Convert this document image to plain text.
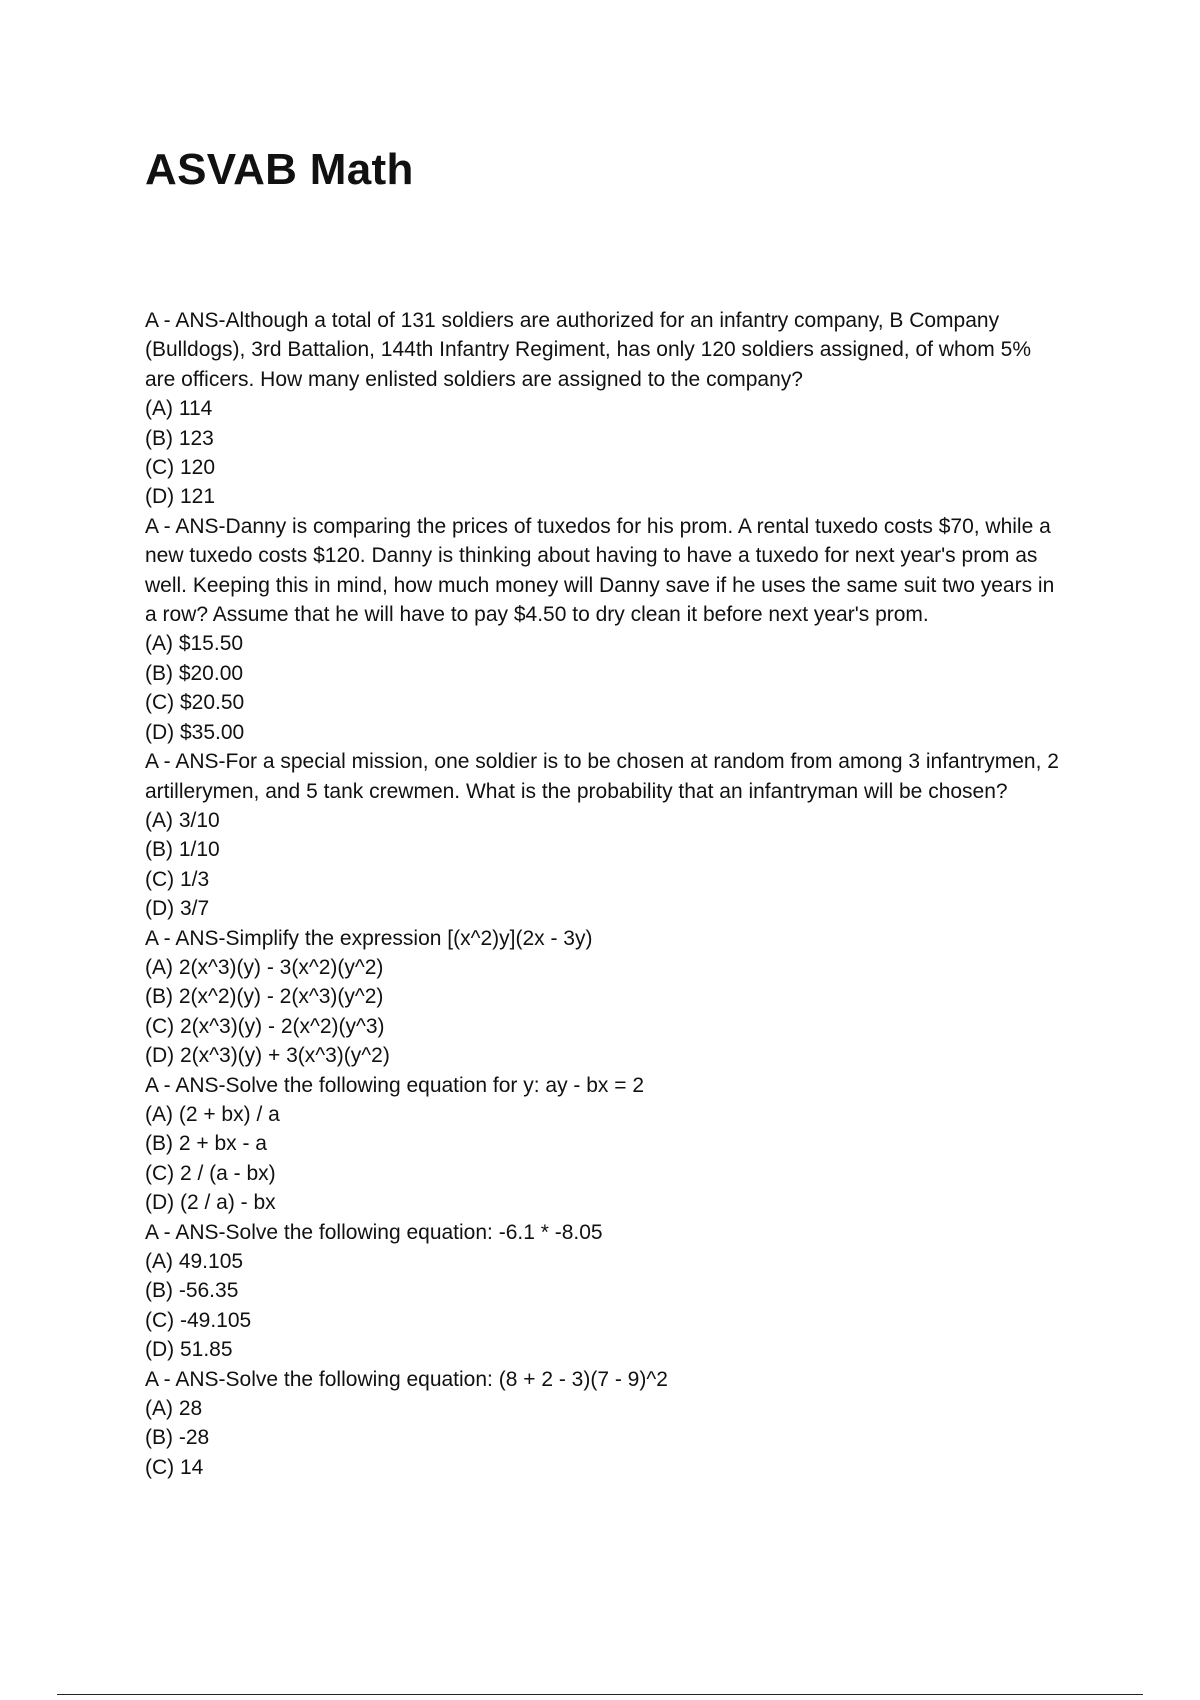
ASVAB Math

A - ANS-Although a total of 131 soldiers are authorized for an infantry company, B Company (Bulldogs), 3rd Battalion, 144th Infantry Regiment, has only 120 soldiers assigned, of whom 5% are officers. How many enlisted soldiers are assigned to the company?

(A) 114
(B) 123
(C) 120
(D) 121

A - ANS-Danny is comparing the prices of tuxedos for his prom. A rental tuxedo costs $70, while a new tuxedo costs $120. Danny is thinking about having to have a tuxedo for next year's prom as well. Keeping this in mind, how much money will Danny save if he uses the same suit two years in a row? Assume that he will have to pay $4.50 to dry clean it before next year's prom.

(A) $15.50
(B) $20.00
(C) $20.50
(D) $35.00

A - ANS-For a special mission, one soldier is to be chosen at random from among 3 infantrymen, 2 artillerymen, and 5 tank crewmen. What is the probability that an infantryman will be chosen?

(A) 3/10
(B) 1/10
(C) 1/3
(D) 3/7

A - ANS-Simplify the expression [(x^2)y](2x - 3y)

(A) 2(x^3)(y) - 3(x^2)(y^2)
(B) 2(x^2)(y) - 2(x^3)(y^2)
(C) 2(x^3)(y) - 2(x^2)(y^3)
(D) 2(x^3)(y) + 3(x^3)(y^2)

A - ANS-Solve the following equation for y: ay - bx = 2

(A) (2 + bx) / a
(B) 2 + bx - a
(C) 2 / (a - bx)
(D) (2 / a) - bx

A - ANS-Solve the following equation: -6.1 * -8.05

(A) 49.105
(B) -56.35
(C) -49.105
(D) 51.85

A - ANS-Solve the following equation: (8 + 2 - 3)(7 - 9)^2

(A) 28
(B) -28
(C) 14
